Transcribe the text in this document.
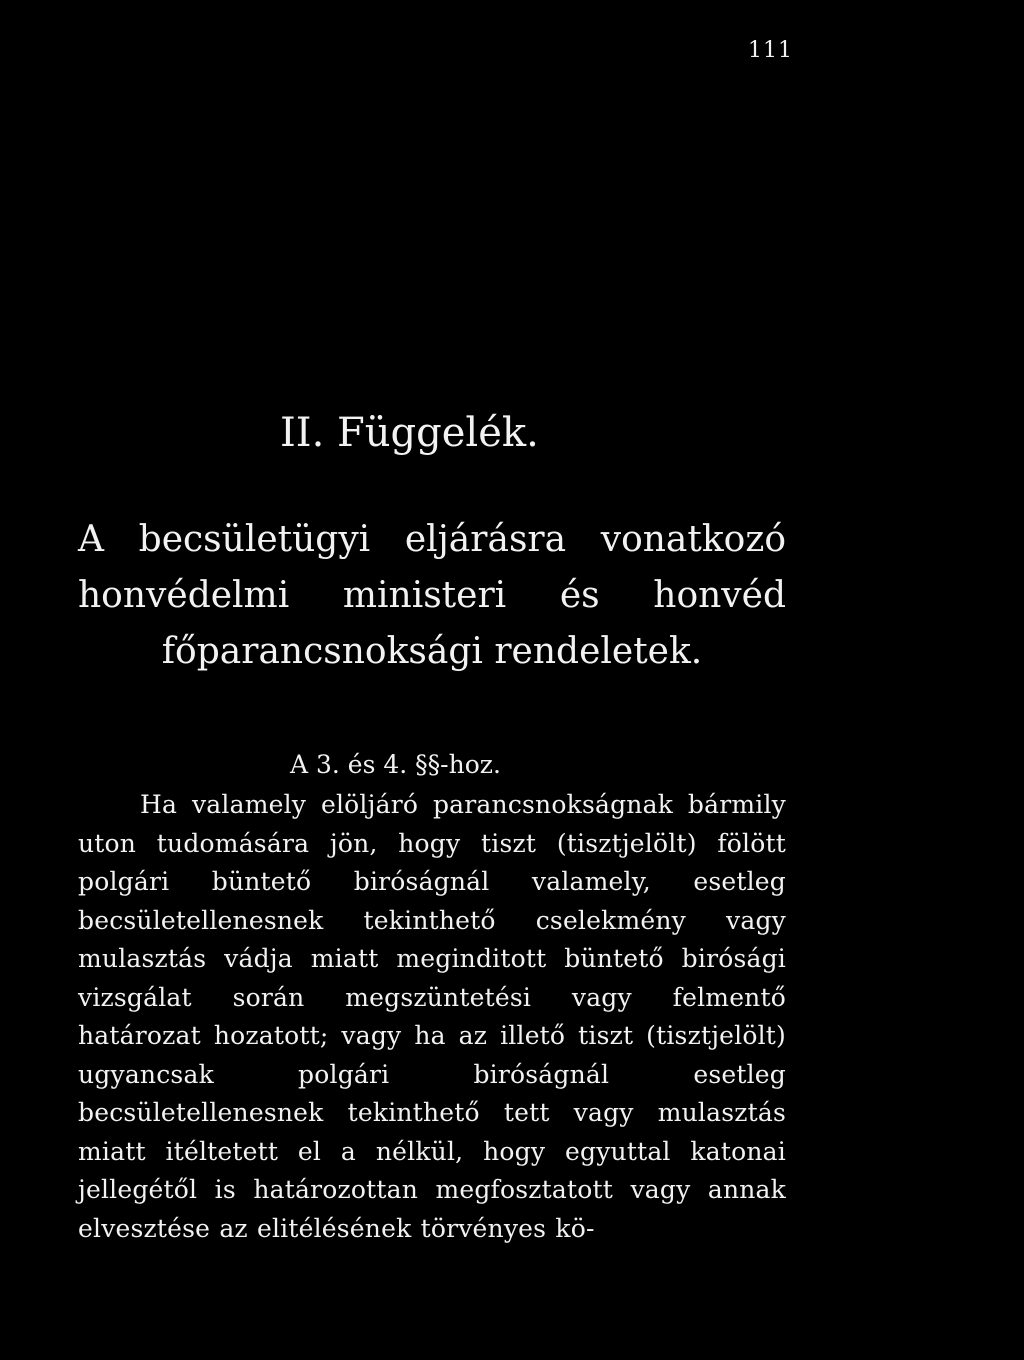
111
II. Függelék.
A becsületügyi eljárásra vonatkozó honvédelmi ministeri és honvéd főparancsnoksági rendeletek.
A 3. és 4. §§-hoz.

Ha valamely elöljáró parancsnokságnak bármily uton tudomására jön, hogy tiszt (tisztjelölt) fölött polgári büntető biróságnál valamely, esetleg becsületellenesnek tekinthető cselekmény vagy mulasztás vádja miatt meginditott büntető birósági vizsgálat során megszüntetési vagy felmentő határozat hozatott; vagy ha az illető tiszt (tisztjelölt) ugyancsak polgári biróságnál esetleg becsületellenesnek tekinthető tett vagy mulasztás miatt itéltetett el a nélkül, hogy egyuttal katonai jellegétől is határozottan megfosztatott vagy annak elvesztése az elitélésének törvényes kö-
